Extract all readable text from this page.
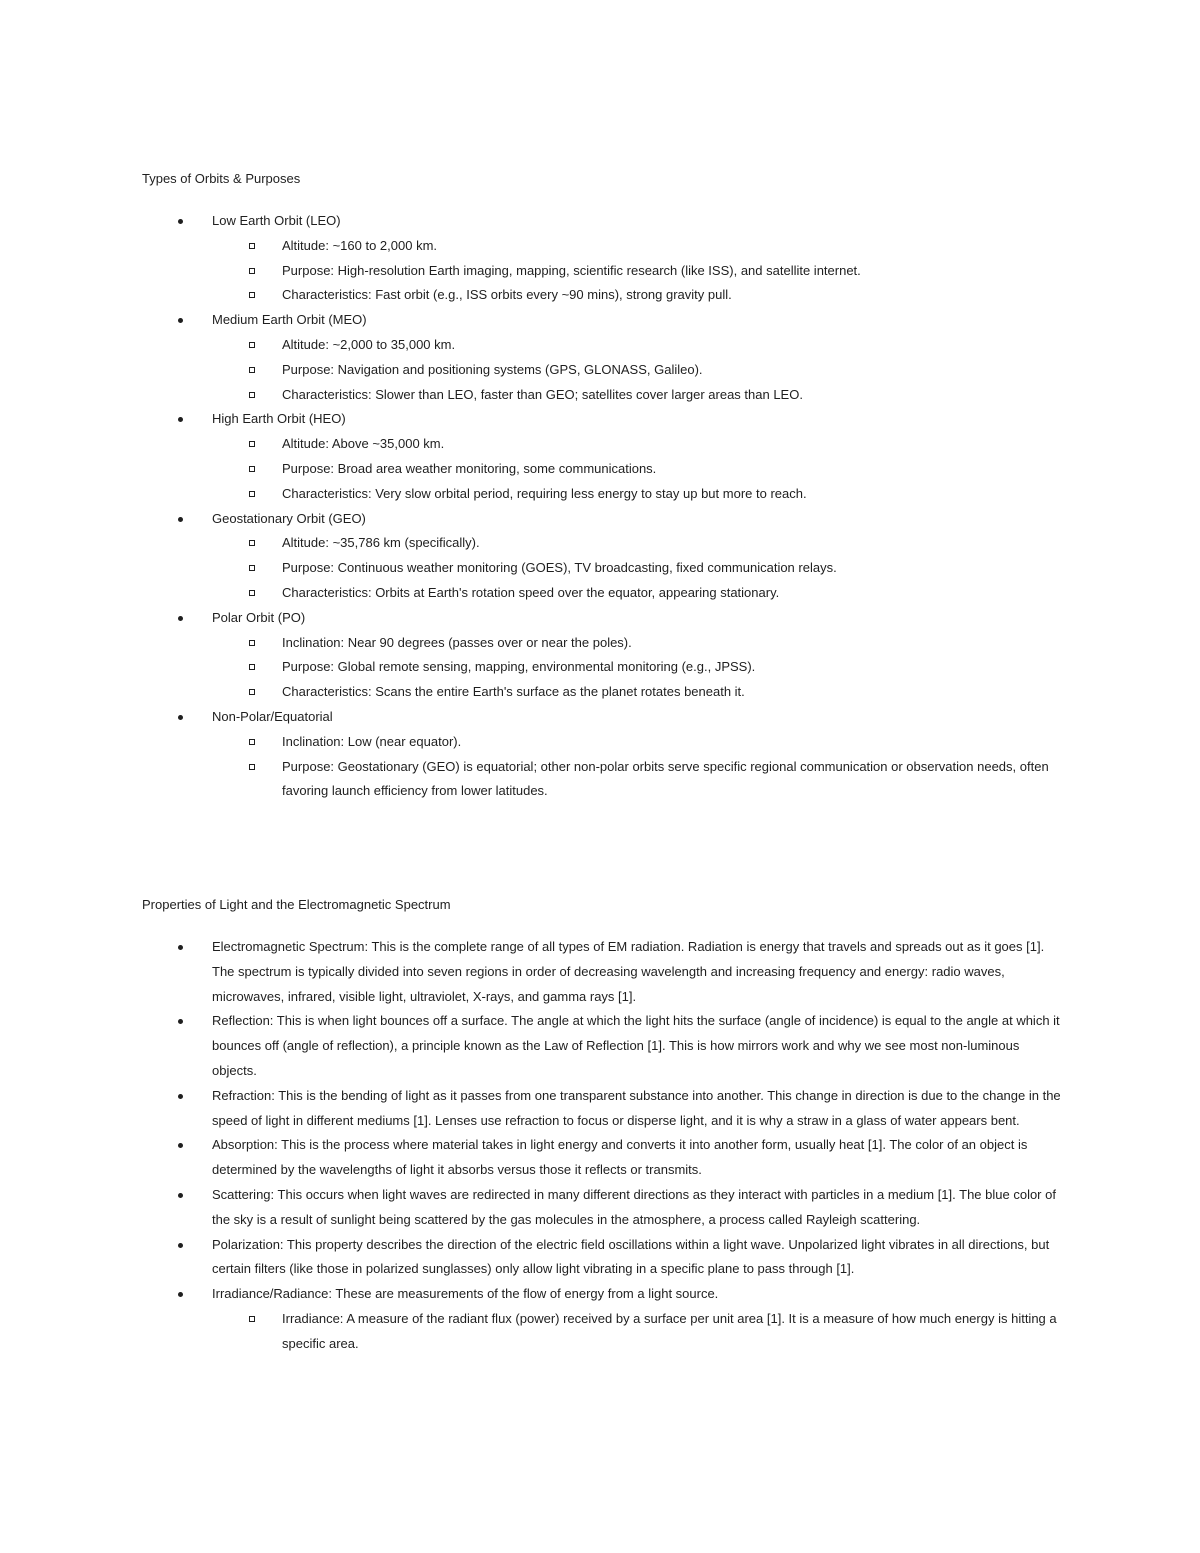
Types of Orbits & Purposes
Low Earth Orbit (LEO)
Altitude: ~160 to 2,000 km.
Purpose: High-resolution Earth imaging, mapping, scientific research (like ISS), and satellite internet.
Characteristics: Fast orbit (e.g., ISS orbits every ~90 mins), strong gravity pull.
Medium Earth Orbit (MEO)
Altitude: ~2,000 to 35,000 km.
Purpose: Navigation and positioning systems (GPS, GLONASS, Galileo).
Characteristics: Slower than LEO, faster than GEO; satellites cover larger areas than LEO.
High Earth Orbit (HEO)
Altitude: Above ~35,000 km.
Purpose: Broad area weather monitoring, some communications.
Characteristics: Very slow orbital period, requiring less energy to stay up but more to reach.
Geostationary Orbit (GEO)
Altitude: ~35,786 km (specifically).
Purpose: Continuous weather monitoring (GOES), TV broadcasting, fixed communication relays.
Characteristics: Orbits at Earth's rotation speed over the equator, appearing stationary.
Polar Orbit (PO)
Inclination: Near 90 degrees (passes over or near the poles).
Purpose: Global remote sensing, mapping, environmental monitoring (e.g., JPSS).
Characteristics: Scans the entire Earth's surface as the planet rotates beneath it.
Non-Polar/Equatorial
Inclination: Low (near equator).
Purpose: Geostationary (GEO) is equatorial; other non-polar orbits serve specific regional communication or observation needs, often favoring launch efficiency from lower latitudes.
Properties of Light and the Electromagnetic Spectrum
Electromagnetic Spectrum: This is the complete range of all types of EM radiation. Radiation is energy that travels and spreads out as it goes [1]. The spectrum is typically divided into seven regions in order of decreasing wavelength and increasing frequency and energy: radio waves, microwaves, infrared, visible light, ultraviolet, X-rays, and gamma rays [1].
Reflection: This is when light bounces off a surface. The angle at which the light hits the surface (angle of incidence) is equal to the angle at which it bounces off (angle of reflection), a principle known as the Law of Reflection [1]. This is how mirrors work and why we see most non-luminous objects.
Refraction: This is the bending of light as it passes from one transparent substance into another. This change in direction is due to the change in the speed of light in different mediums [1]. Lenses use refraction to focus or disperse light, and it is why a straw in a glass of water appears bent.
Absorption: This is the process where material takes in light energy and converts it into another form, usually heat [1]. The color of an object is determined by the wavelengths of light it absorbs versus those it reflects or transmits.
Scattering: This occurs when light waves are redirected in many different directions as they interact with particles in a medium [1]. The blue color of the sky is a result of sunlight being scattered by the gas molecules in the atmosphere, a process called Rayleigh scattering.
Polarization: This property describes the direction of the electric field oscillations within a light wave. Unpolarized light vibrates in all directions, but certain filters (like those in polarized sunglasses) only allow light vibrating in a specific plane to pass through [1].
Irradiance/Radiance: These are measurements of the flow of energy from a light source.
Irradiance: A measure of the radiant flux (power) received by a surface per unit area [1]. It is a measure of how much energy is hitting a specific area.
